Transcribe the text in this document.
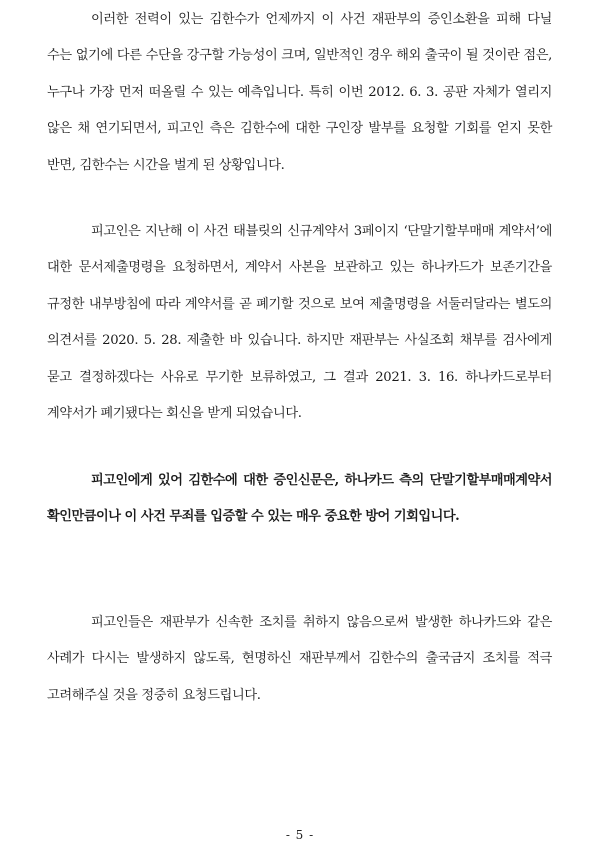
이러한 전력이 있는 김한수가 언제까지 이 사건 재판부의 증인소환을 피해 다닐 수는 없기에 다른 수단을 강구할 가능성이 크며, 일반적인 경우 해외 출국이 될 것이란 점은, 누구나 가장 먼저 떠올릴 수 있는 예측입니다. 특히 이번 2012. 6. 3. 공판 자체가 열리지 않은 채 연기되면서, 피고인 측은 김한수에 대한 구인장 발부를 요청할 기회를 얻지 못한 반면, 김한수는 시간을 벌게 된 상황입니다.

피고인은 지난해 이 사건 태블릿의 신규계약서 3페이지 ‘단말기할부매매 계약서’에 대한 문서제출명령을 요청하면서, 계약서 사본을 보관하고 있는 하나카드가 보존기간을 규정한 내부방침에 따라 계약서를 곧 폐기할 것으로 보여 제출명령을 서둘러달라는 별도의 의견서를 2020. 5. 28. 제출한 바 있습니다. 하지만 재판부는 사실조회 채부를 검사에게 묻고 결정하겠다는 사유로 무기한 보류하였고, 그 결과 2021. 3. 16. 하나카드로부터 계약서가 폐기됐다는 회신을 받게 되었습니다.

피고인에게 있어 김한수에 대한 증인신문은, 하나카드 측의 단말기할부매매계약서 확인만큼이나 이 사건 무죄를 입증할 수 있는 매우 중요한 방어 기회입니다.

피고인들은 재판부가 신속한 조치를 취하지 않음으로써 발생한 하나카드와 같은 사례가 다시는 발생하지 않도록, 현명하신 재판부께서 김한수의 출국금지 조치를 적극 고려해주실 것을 정중히 요청드립니다.

- 5 -
